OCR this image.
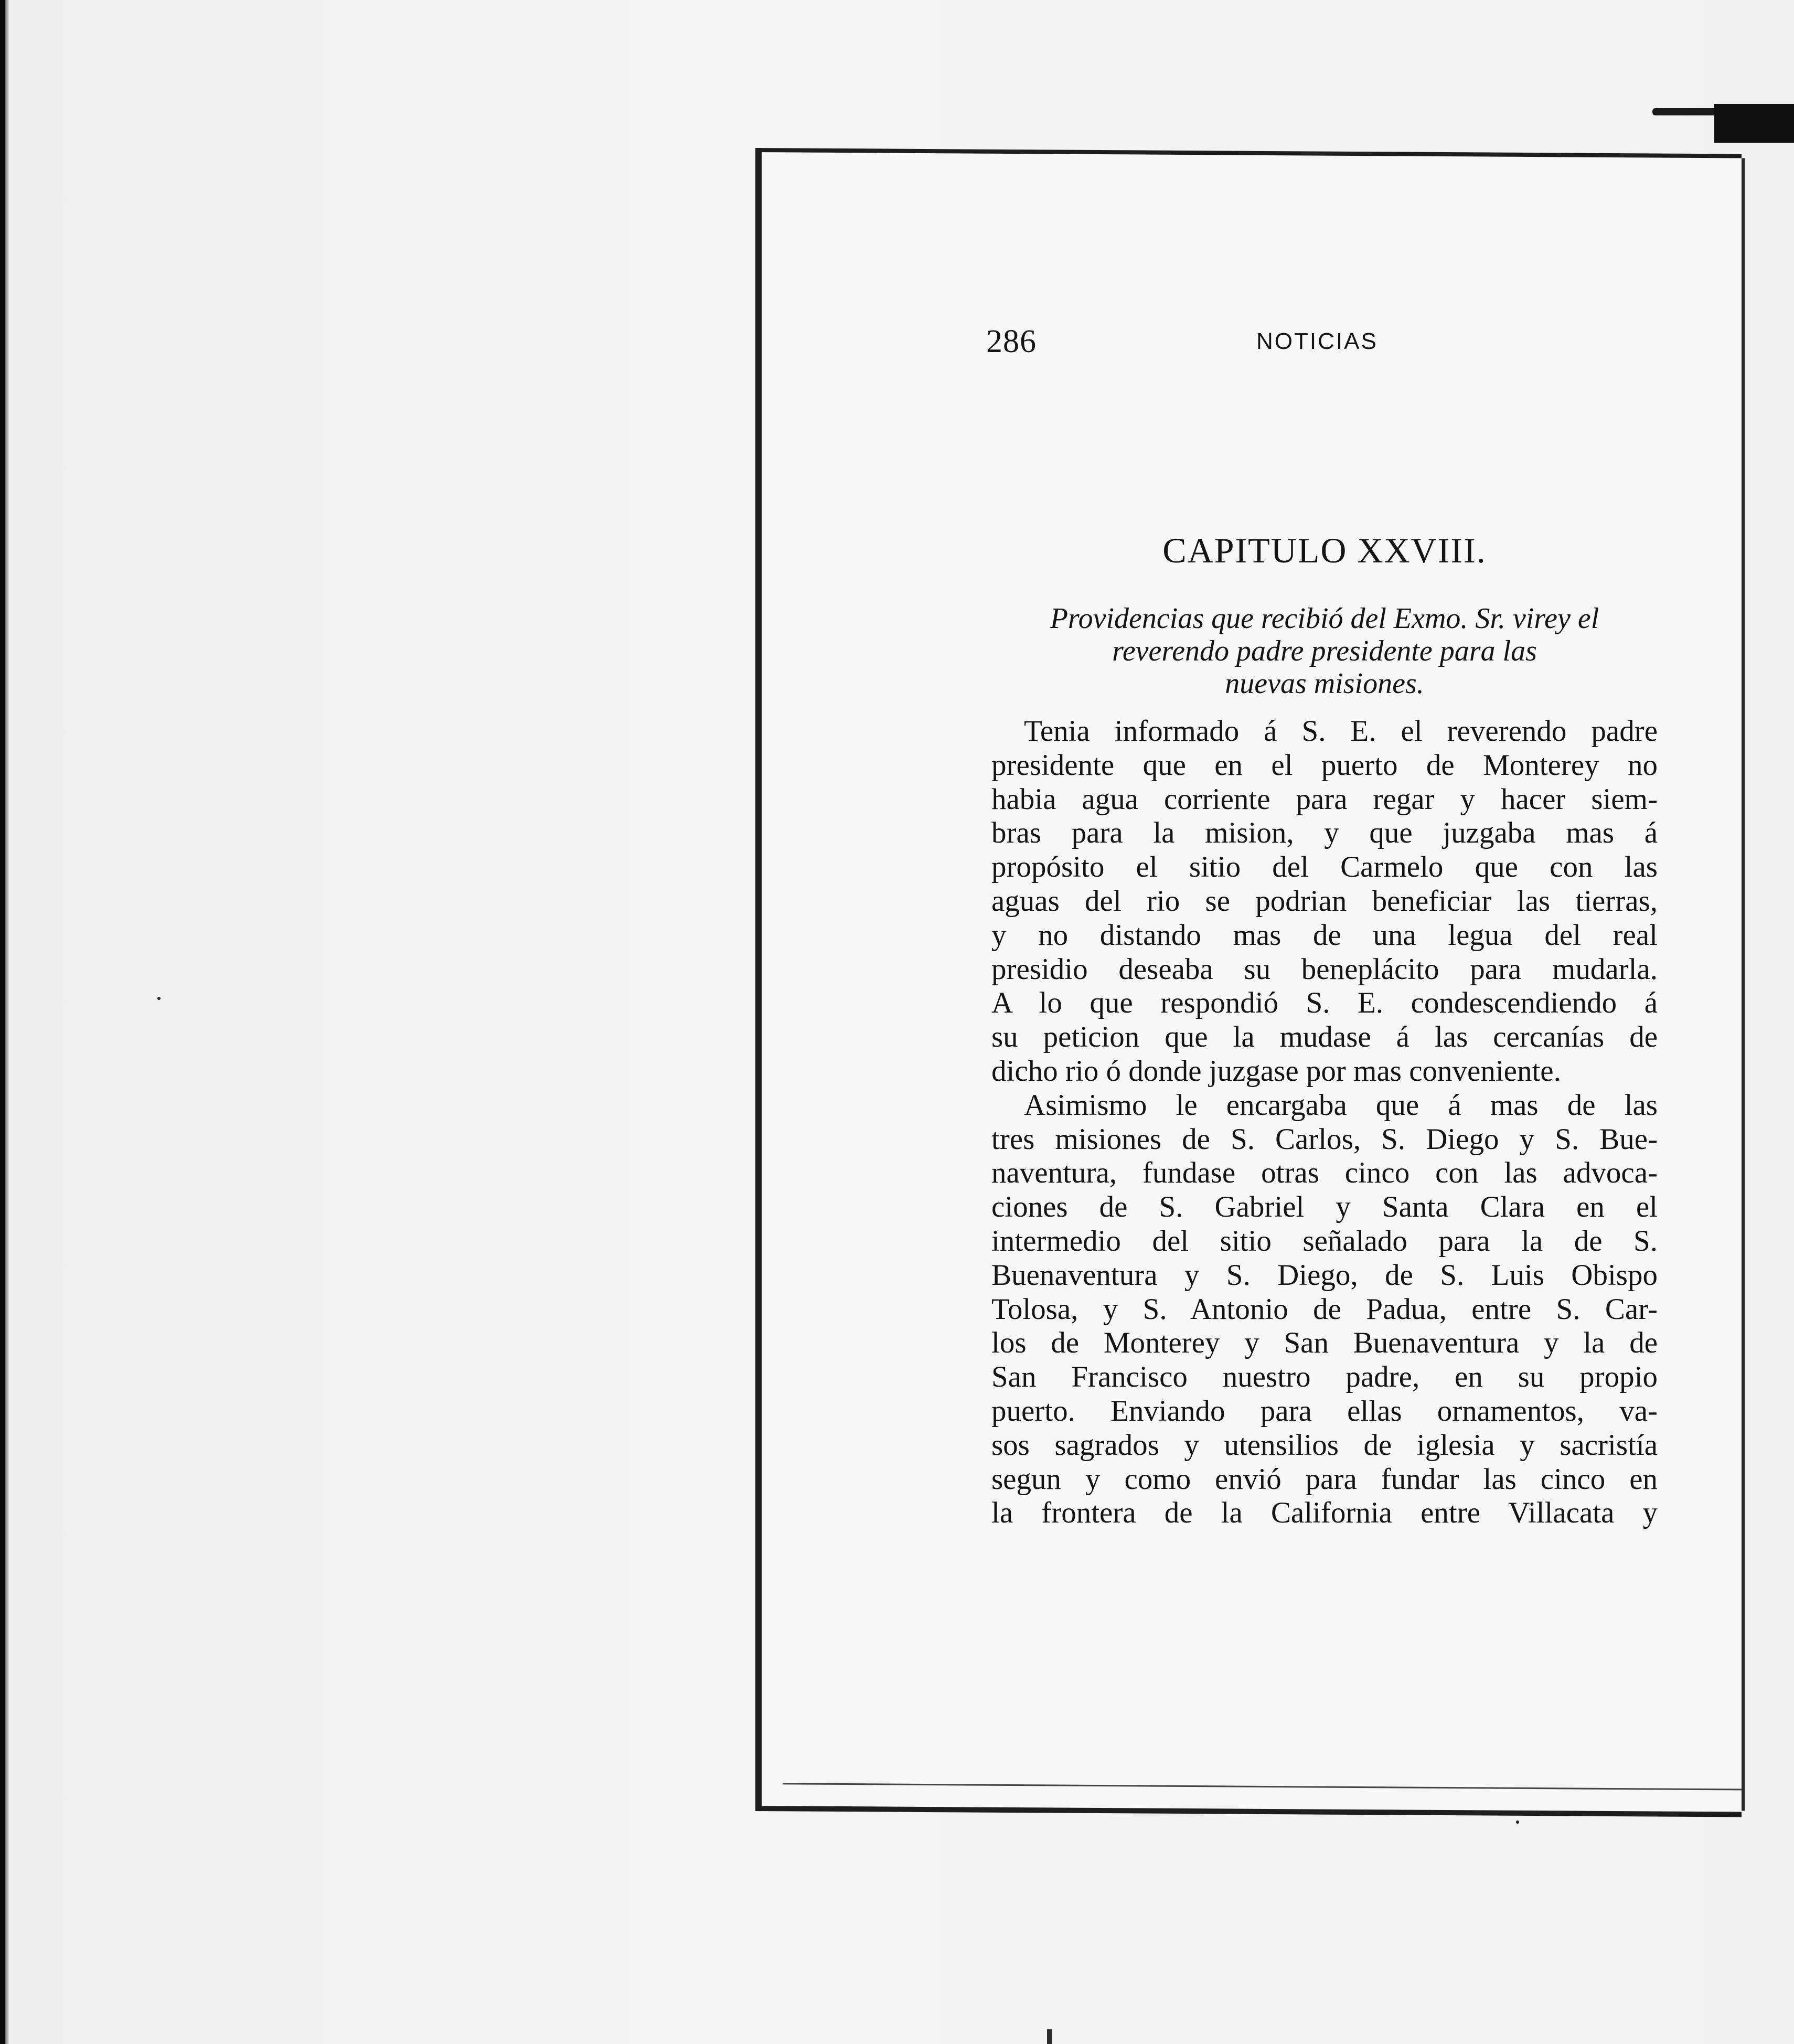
286	NOTICIAS
CAPITULO XXVIII.
Providencias que recibió del Exmo. Sr. virey el
reverendo padre presidente para las
nuevas misiones.
Tenia informado á S. E. el reverendo padre
presidente que en el puerto de Monterey no
habia agua corriente para regar y hacer siem-
bras para la mision, y que juzgaba mas á
propósito el sitio del Carmelo que con las
aguas del rio se podrian beneficiar las tierras,
y no distando mas de una legua del real
presidio deseaba su beneplácito para mudarla.
A lo que respondió S. E. condescendiendo á
su peticion que la mudase á las cercanías de
dicho rio ó donde juzgase por mas conveniente.
Asimismo le encargaba que á mas de las
tres misiones de S. Carlos, S. Diego y S. Bue-
naventura, fundase otras cinco con las advoca-
ciones de S. Gabriel y Santa Clara en el
intermedio del sitio señalado para la de S.
Buenaventura y S. Diego, de S. Luis Obispo
Tolosa, y S. Antonio de Padua, entre S. Car-
los de Monterey y San Buenaventura y la de
San Francisco nuestro padre, en su propio
puerto. Enviando para ellas ornamentos, va-
sos sagrados y utensilios de iglesia y sacristía
segun y como envió para fundar las cinco en
la frontera de la California entre Villacata y
